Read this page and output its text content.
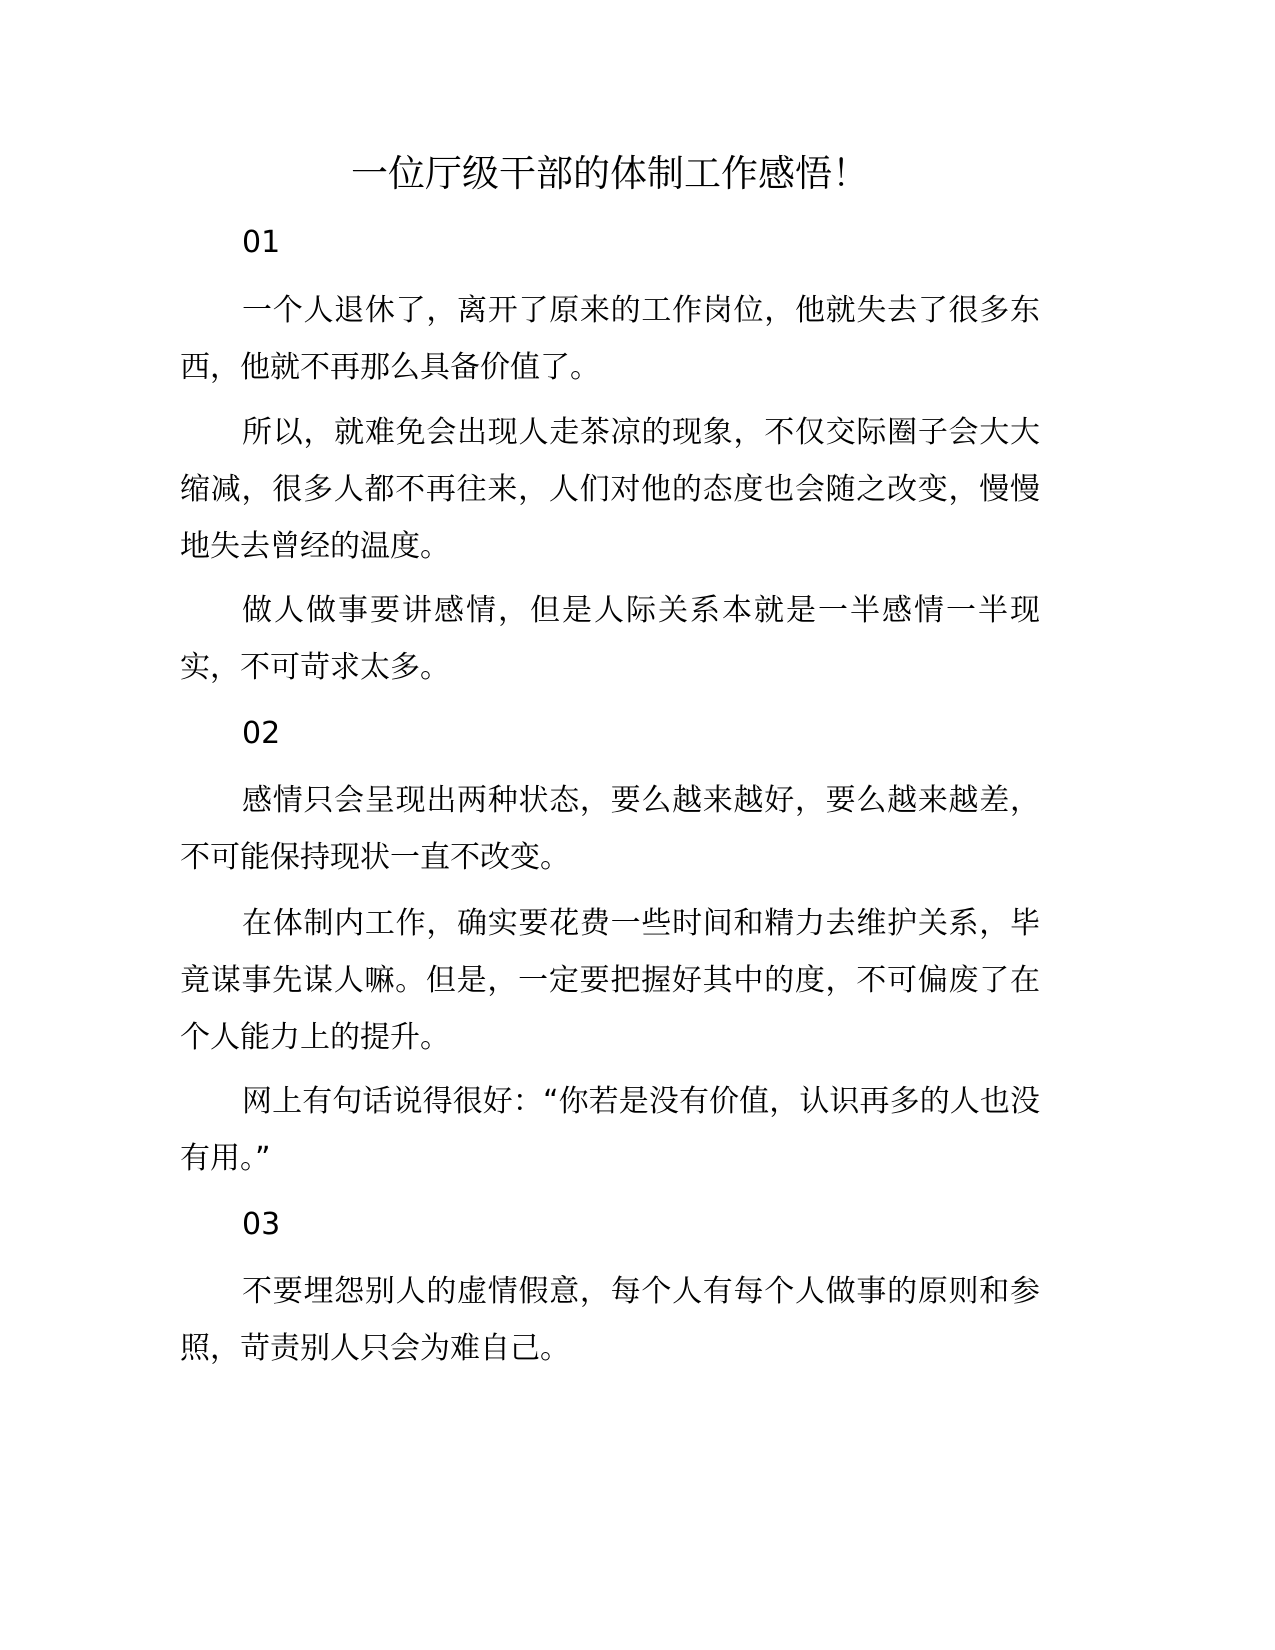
一位厅级干部的体制工作感悟！
01

一个人退休了，离开了原来的工作岗位，他就失去了很多东西，他就不再那么具备价值了。

所以，就难免会出现人走茶凉的现象，不仅交际圈子会大大缩减，很多人都不再往来，人们对他的态度也会随之改变，慢慢地失去曾经的温度。

做人做事要讲感情，但是人际关系本就是一半感情一半现实，不可苛求太多。

02

感情只会呈现出两种状态，要么越来越好，要么越来越差，不可能保持现状一直不改变。

在体制内工作，确实要花费一些时间和精力去维护关系，毕竟谋事先谋人嘛。但是，一定要把握好其中的度，不可偏废了在个人能力上的提升。

网上有句话说得很好：“你若是没有价值，认识再多的人也没有用。”

03

不要埋怨别人的虚情假意，每个人有每个人做事的原则和参照，苛责别人只会为难自己。
